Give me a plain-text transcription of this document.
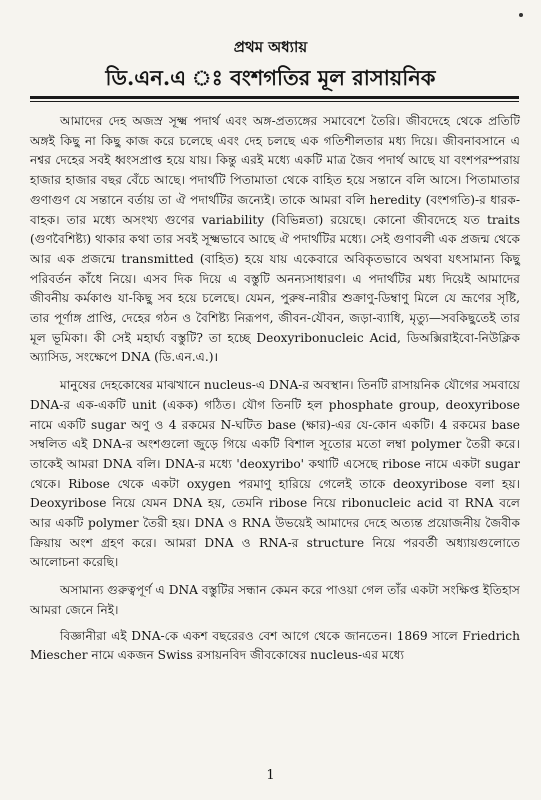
প্রথম অধ্যায়
ডি.এন.এ ঃ বংশগতির মূল রাসায়নিক

আমাদের দেহ অজস্র সূক্ষ্ম পদার্থ এবং অঙ্গ-প্রত্যঙ্গের সমাবেশে তৈরি। জীবদেহে থেকে প্রতিটি অঙ্গই কিছু না কিছু কাজ করে চলেছে এবং দেহ চলছে এক গতিশীলতার মধ্য দিয়ে। জীবনাবসানে এ নশ্বর দেহের সবই ধ্বংসপ্রাপ্ত হয়ে যায়। কিন্তু এরই মধ্যে একটি মাত্র জৈব পদার্থ আছে যা বংশপরম্পরায় হাজার হাজার বছর বেঁচে আছে। পদার্থটি পিতামাতা থেকে বাহিত হয়ে সন্তানে বলি আসে। পিতামাতার গুণাগুণ যে সন্তানে বর্তায় তা ঐ পদার্থটির জন্যেই। তাকে আমরা বলি heredity (বংশগতি)-র ধারক-বাহক। তার মধ্যে অসংখ্য গুণের variability (বিভিন্নতা) রয়েছে। কোনো জীবদেহে যত traits (গুণবৈশিষ্ট্য) থাকার কথা তার সবই সূক্ষ্মভাবে আছে ঐ পদার্থটির মধ্যে। সেই গুণাবলী এক প্রজন্ম থেকে আর এক প্রজন্মে transmitted (বাহিত) হয়ে যায় একেবারে অবিকৃতভাবে অথবা যৎসামান্য কিছু পরিবর্তন কাঁধে নিয়ে। এসব দিক দিয়ে এ বস্তুটি অনন্যসাধারণ। এ পদার্থটির মধ্য দিয়েই আমাদের জীবনীয় কর্মকাণ্ড যা-কিছু সব হয়ে চলেছে। যেমন, পুরুষ-নারীর শুক্রাণু-ডিম্বাণু মিলে যে ভ্রূণের সৃষ্টি, তার পূর্ণাঙ্গ প্রাপ্তি, দেহের গঠন ও বৈশিষ্ট্য নিরূপণ, জীবন-যৌবন, জড়া-ব্যাধি, মৃত্যু—সবকিছুতেই তার মূল ভূমিকা। কী সেই মহার্ঘ্য বস্তুটি? তা হচ্ছে Deoxyribonucleic Acid, ডিঅক্সিরাইবো-নিউক্লিক অ্যাসিড, সংক্ষেপে DNA (ডি.এন.এ.)।

মানুষের দেহকোষের মাঝখানে nucleus-এ DNA-র অবস্থান। তিনটি রাসায়নিক যৌগের সমবায়ে DNA-র এক-একটি unit (একক) গঠিত। যৌগ তিনটি হল phosphate group, deoxyribose নামে একটি sugar অণু ও 4 রকমের N-ঘটিত base (ক্ষার)-এর যে-কোন একটি। 4 রকমের base সম্বলিত এই DNA-র অংশগুলো জুড়ে গিয়ে একটি বিশাল সূতোর মতো লম্বা polymer তৈরী করে। তাকেই আমরা DNA বলি। DNA-র মধ্যে 'deoxyribo' কথাটি এসেছে ribose নামে একটা sugar থেকে। Ribose থেকে একটা oxygen পরমাণু হারিয়ে গেলেই তাকে deoxyribose বলা হয়। Deoxyribose নিয়ে যেমন DNA হয়, তেমনি ribose নিয়ে ribonucleic acid বা RNA বলে আর একটি polymer তৈরী হয়। DNA ও RNA উভয়েই আমাদের দেহে অত্যন্ত প্রয়োজনীয় জৈবীক ক্রিয়ায় অংশ গ্রহণ করে। আমরা DNA ও RNA-র structure নিয়ে পরবর্তী অধ্যায়গুলোতে আলোচনা করেছি।

অসামান্য গুরুত্বপূর্ণ এ DNA বস্তুটির সন্ধান কেমন করে পাওয়া গেল তাঁর একটা সংক্ষিপ্ত ইতিহাস আমরা জেনে নিই।

বিজ্ঞানীরা এই DNA-কে একশ বছরেরও বেশ আগে থেকে জানতেন। 1869 সালে Friedrich Miescher নামে একজন Swiss রসায়নবিদ জীবকোষের nucleus-এর মধ্যে

1
